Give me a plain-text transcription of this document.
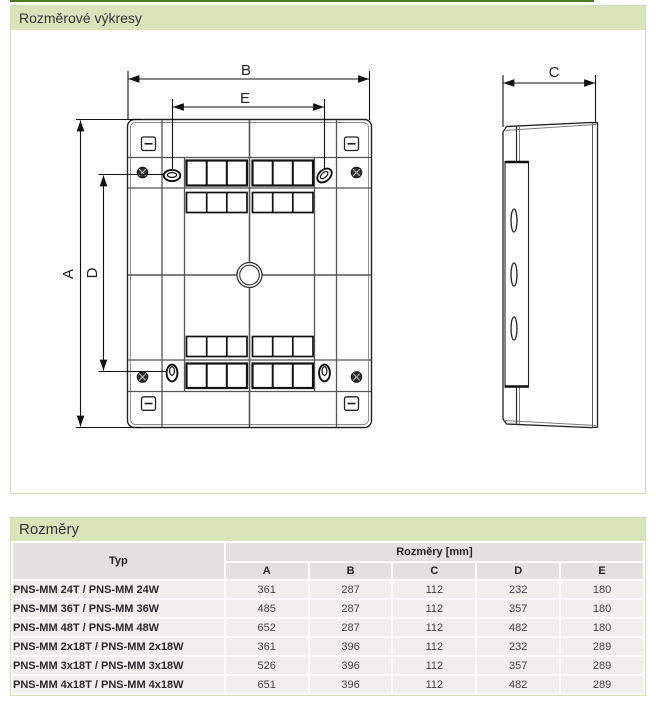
Rozměrové výkresy
B
E
C
A D
Rozměry
Typ	Rozměry [mm]				
	A	B	C	D	E
PNS-MM 24T / PNS-MM 24W	361	287	112	232	180
PNS-MM 36T / PNS-MM 36W	485	287	112	357	180
PNS-MM 48T / PNS-MM 48W	652	287	112	482	180
PNS-MM 2x18T / PNS-MM 2x18W	361	396	112	232	289
PNS-MM 3x18T / PNS-MM 3x18W	526	396	112	357	289
PNS-MM 4x18T / PNS-MM 4x18W	651	396	112	482	289
